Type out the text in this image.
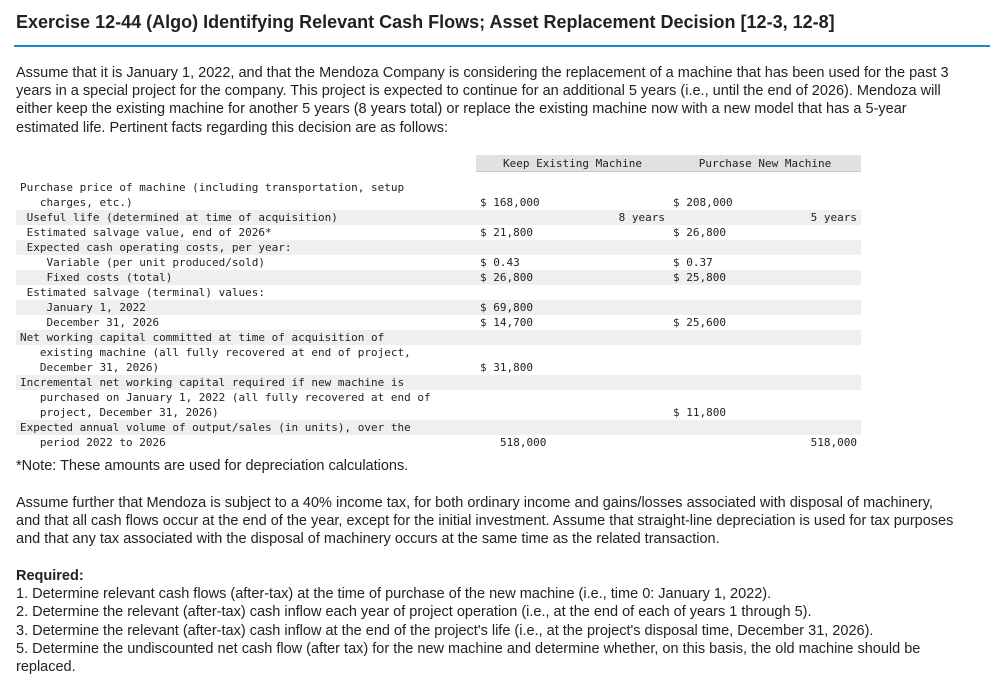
Exercise 12-44 (Algo) Identifying Relevant Cash Flows; Asset Replacement Decision [12-3, 12-8]

Assume that it is January 1, 2022, and that the Mendoza Company is considering the replacement of a machine that has been used for the past 3 years in a special project for the company. This project is expected to continue for an additional 5 years (i.e., until the end of 2026). Mendoza will either keep the existing machine for another 5 years (8 years total) or replace the existing machine now with a new model that has a 5-year estimated life. Pertinent facts regarding this decision are as follows:

	Keep Existing Machine	Purchase New Machine

Purchase price of machine (including transportation, setup		
charges, etc.)	$ 168,000	$ 208,000
Useful life (determined at time of acquisition)	8 years	5 years
Estimated salvage value, end of 2026*	$ 21,800	$ 26,800
Expected cash operating costs, per year:		
Variable (per unit produced/sold)	$ 0.43	$ 0.37
Fixed costs (total)	$ 26,800	$ 25,800
Estimated salvage (terminal) values:		
January 1, 2022	$ 69,800	
December 31, 2026	$ 14,700	$ 25,600
Net working capital committed at time of acquisition of		
existing machine (all fully recovered at end of project,		
December 31, 2026)	$ 31,800	
Incremental net working capital required if new machine is		
purchased on January 1, 2022 (all fully recovered at end of		
project, December 31, 2026)		$ 11,800
Expected annual volume of output/sales (in units), over the		
period 2022 to 2026	518,000	518,000
*Note: These amounts are used for depreciation calculations.

Assume further that Mendoza is subject to a 40% income tax, for both ordinary income and gains/losses associated with disposal of machinery, and that all cash flows occur at the end of the year, except for the initial investment. Assume that straight-line depreciation is used for tax purposes and that any tax associated with the disposal of machinery occurs at the same time as the related transaction.

Required:
1. Determine relevant cash flows (after-tax) at the time of purchase of the new machine (i.e., time 0: January 1, 2022).
2. Determine the relevant (after-tax) cash inflow each year of project operation (i.e., at the end of each of years 1 through 5).
3. Determine the relevant (after-tax) cash inflow at the end of the project's life (i.e., at the project's disposal time, December 31, 2026).
5. Determine the undiscounted net cash flow (after tax) for the new machine and determine whether, on this basis, the old machine should be replaced.
